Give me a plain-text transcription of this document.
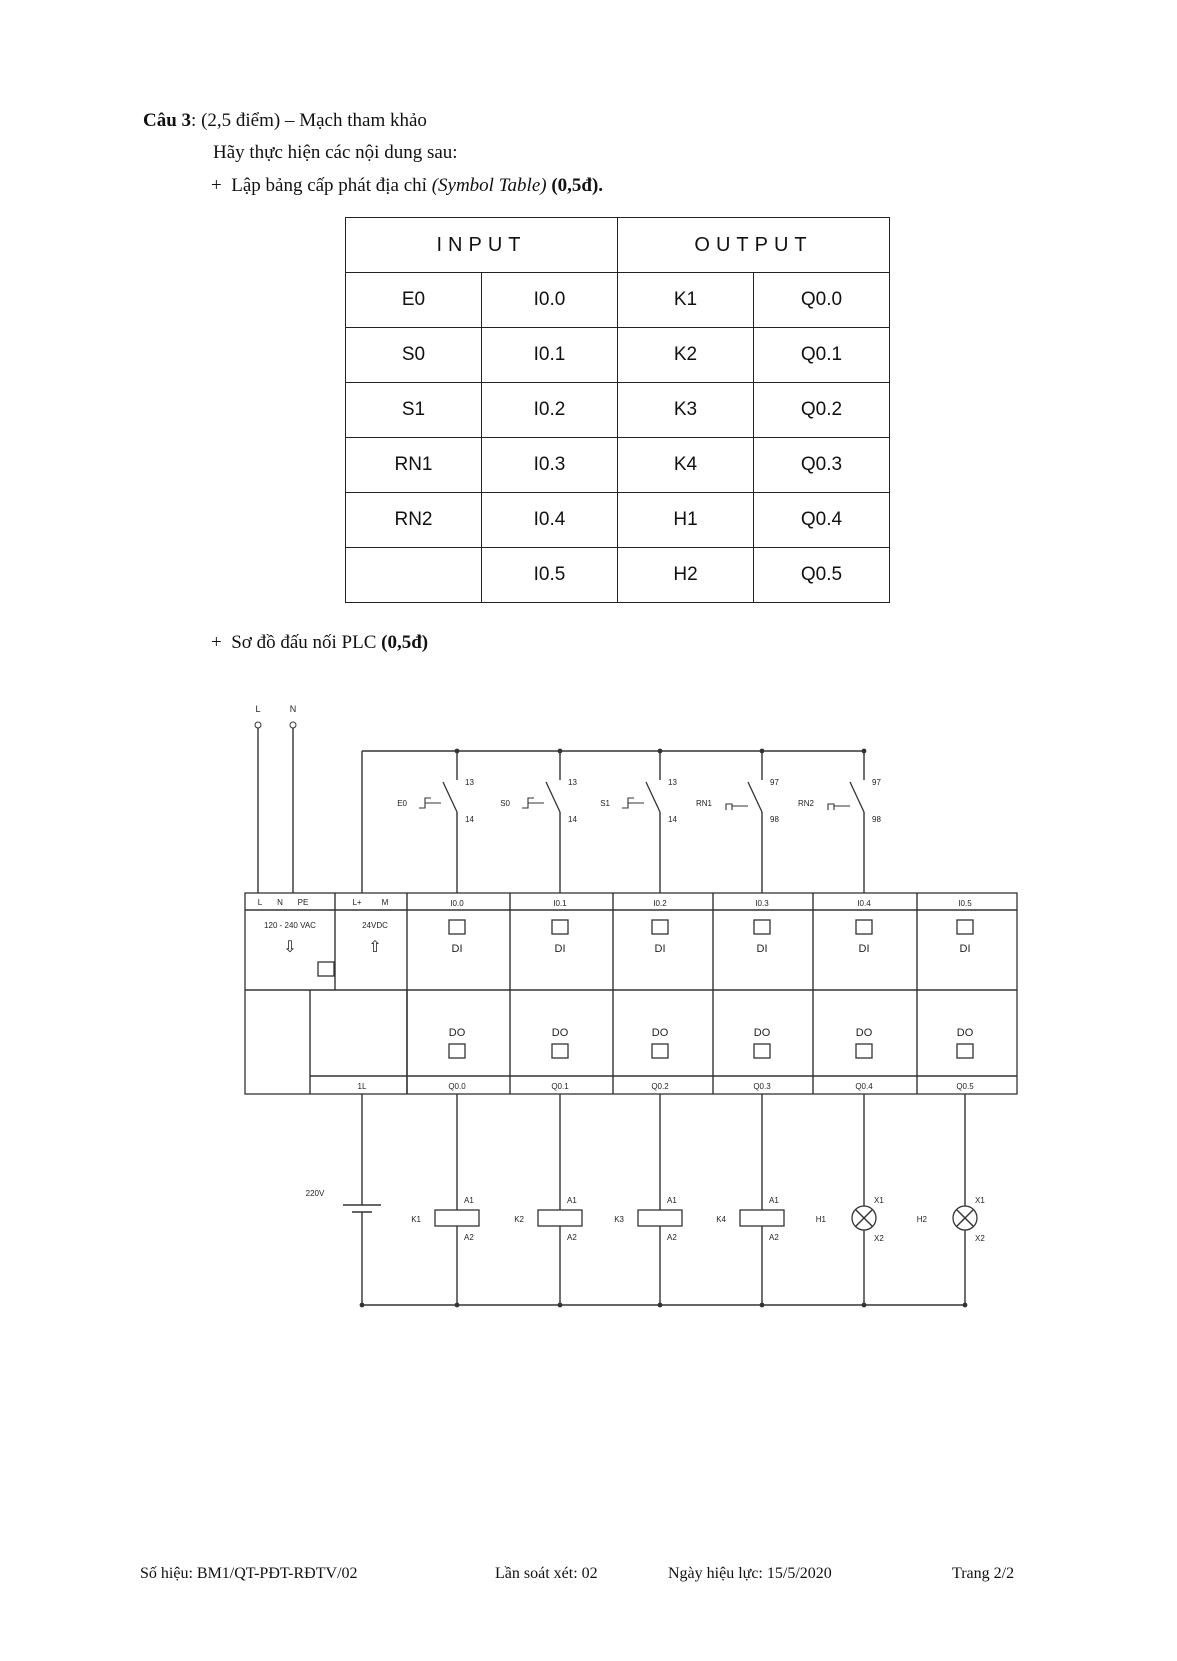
Câu 3: (2,5 điểm) – Mạch tham khảo
Hãy thực hiện các nội dung sau:
+ Lập bảng cấp phát địa chỉ (Symbol Table) (0,5đ).
INPUT		OUTPUT	
E0	I0.0	K1	Q0.0
S0	I0.1	K2	Q0.1
S1	I0.2	K3	Q0.2
RN1	I0.3	K4	Q0.3
RN2	I0.4	H1	Q0.4
	I0.5	H2	Q0.5
+ Sơ đồ đấu nối PLC (0,5đ)
L	N
13
14
E0
13
14
S0
13
14
S1
97
98
RN1
97
98
RN2
L N PE	L+	M
120 - 240 VAC	24VDC
⇩	⇧
I0.0
DI
I0.1
DI
I0.2
DI
I0.3
DI
I0.4
DI
I0.5
DI
DO
Q0.0
DO
Q0.1
DO
Q0.2
DO
Q0.3
DO
Q0.4
DO
Q0.5
1L
220V
A1
A2
K1
A1
A2
K2
A1
A2
K3
A1
A2
K4
X1
X2
H1
X1
X2
H2
Số hiệu: BM1/QT-PĐT-RĐTV/02	Lần soát xét: 02	Ngày hiệu lực: 15/5/2020	Trang 2/2
